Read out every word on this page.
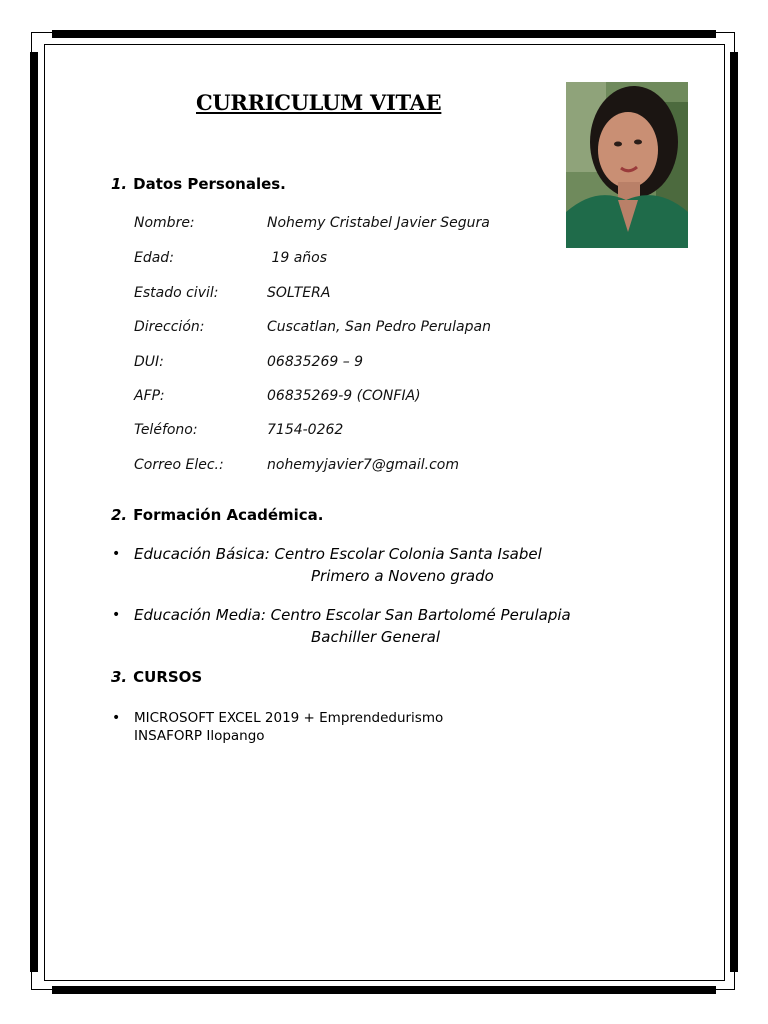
CURRICULUM VITAE
1. Datos Personales.
Nombre:	Nohemy Cristabel Javier Segura
Edad:	19 años
Estado civil:	SOLTERA
Dirección:	Cuscatlan, San Pedro Perulapan
DUI:	06835269 – 9
AFP:	06835269-9 (CONFIA)
Teléfono:	7154-0262
Correo Elec.:	nohemyjavier7@gmail.com
2. Formación Académica.
• Educación Básica: Centro Escolar Colonia Santa Isabel
Primero a Noveno grado
• Educación Media: Centro Escolar San Bartolomé Perulapia
Bachiller General
3. CURSOS
• MICROSOFT EXCEL 2019 + Emprendedurismo
INSAFORP Ilopango
